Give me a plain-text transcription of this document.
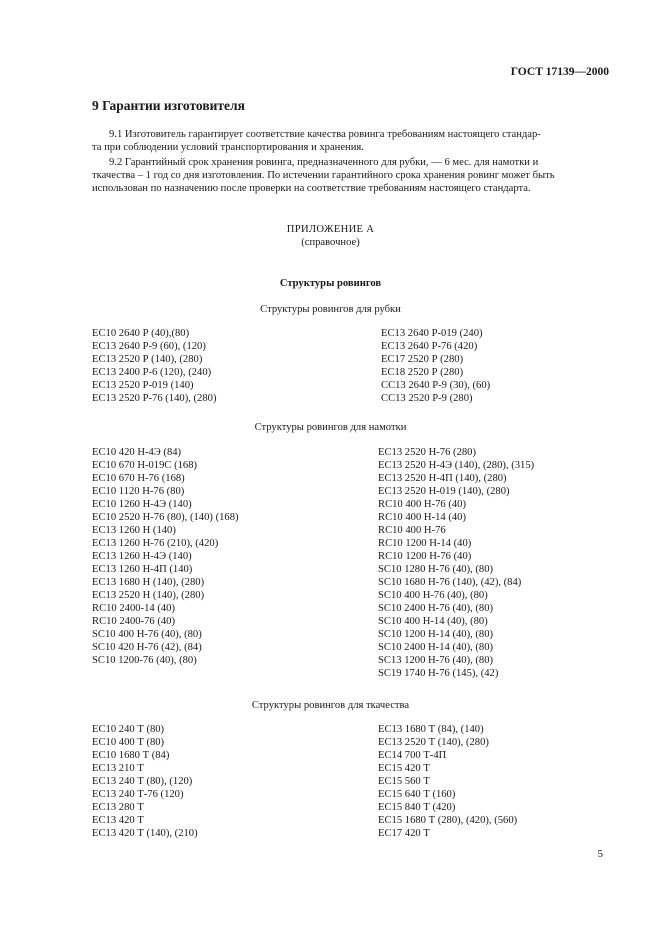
ГОСТ 17139—2000
9 Гарантии изготовителя

9.1 Изготовитель гарантирует соответствие качества ровинга требованиям настоящего стандар-

та при соблюдении условий транспортирования и хранения.

9.2 Гарантийный срок хранения ровинга, предназначенного для рубки, — 6 мес. для намотки и

ткачества – 1 год со дня изготовления. По истечении гарантийного срока хранения ровинг может быть

использован по назначению после проверки на соответствие требованиям настоящего стандарта.

ПРИЛОЖЕНИЕ А
(справочное)
Структуры ровингов
Структуры ровингов для рубки
ЕС10 2640 Р (40),(80)
ЕС13 2640 Р-9 (60), (120)
ЕС13 2520 Р (140), (280)
ЕС13 2400 Р-6 (120), (240)
ЕС13 2520 Р-019 (140)
ЕС13 2520 Р-76 (140), (280)
ЕС13 2640 Р-019 (240)
ЕС13 2640 Р-76 (420)
ЕС17 2520 Р (280)
ЕС18 2520 Р (280)
СС13 2640 Р-9 (30), (60)
СС13 2520 Р-9 (280)
Структуры ровингов для намотки
ЕС10 420 Н-4Э (84)
ЕС10 670 Н-019С (168)
ЕС10 670 Н-76 (168)
ЕС10 1120 Н-76 (80)
ЕС10 1260 Н-4Э (140)
ЕС10 2520 Н-76 (80), (140) (168)
ЕС13 1260 Н (140)
ЕС13 1260 Н-76 (210), (420)
ЕС13 1260 Н-4Э (140)
ЕС13 1260 Н-4П (140)
ЕС13 1680 Н (140), (280)
ЕС13 2520 Н (140), (280)
RC10 2400-14 (40)
RC10 2400-76 (40)
SC10 400 Н-76 (40), (80)
SC10 420 Н-76 (42), (84)
SC10 1200-76 (40), (80)
ЕС13 2520 Н-76 (280)
ЕС13 2520 Н-4Э (140), (280), (315)
ЕС13 2520 Н-4П (140), (280)
ЕС13 2520 Н-019 (140), (280)
RC10 400 Н-76 (40)
RC10 400 Н-14 (40)
RC10 400 Н-76
RC10 1200 Н-14 (40)
RC10 1200 Н-76 (40)
SC10 1280 Н-76 (40), (80)
SC10 1680 Н-76 (140), (42), (84)
SC10 400 Н-76 (40), (80)
SC10 2400 Н-76 (40), (80)
SC10 400 Н-14 (40), (80)
SC10 1200 Н-14 (40), (80)
SC10 2400 Н-14 (40), (80)
SC13 1200 Н-76 (40), (80)
SC19 1740 Н-76 (145), (42)
Структуры ровингов для ткачества
ЕС10 240 Т (80)
ЕС10 400 Т (80)
ЕС10 1680 Т (84)
ЕС13 210 Т
ЕС13 240 Т (80), (120)
ЕС13 240 Т-76 (120)
ЕС13 280 Т
ЕС13 420 Т
ЕС13 420 Т (140), (210)
ЕС13 1680 Т (84), (140)
ЕС13 2520 Т (140), (280)
ЕС14 700 Т-4П
ЕС15 420 Т
ЕС15 560 Т
ЕС15 640 Т (160)
ЕС15 840 Т (420)
ЕС15 1680 Т (280), (420), (560)
ЕС17 420 Т
5
